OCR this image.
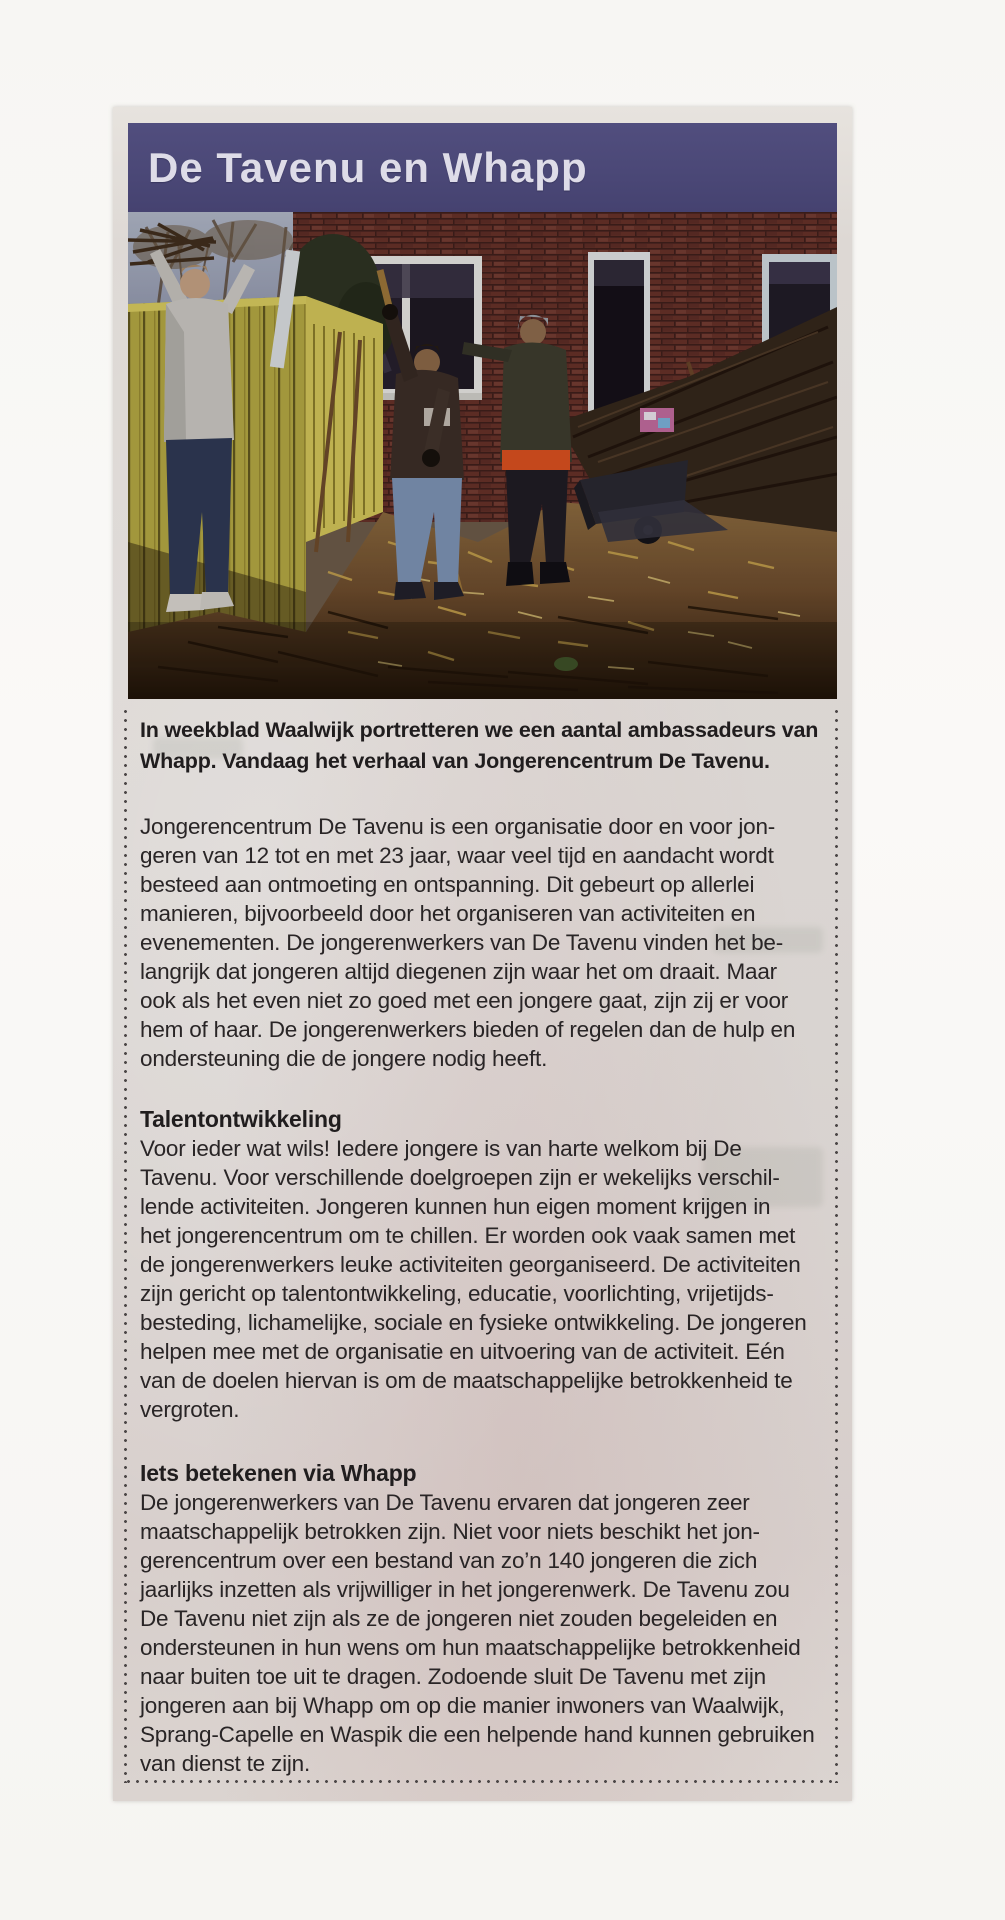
De Tavenu en Whapp
In weekblad Waalwijk portretteren we een aantal ambassadeurs van
Whapp. Vandaag het verhaal van Jongerencentrum De Tavenu.
Jongerencentrum De Tavenu is een organisatie door en voor jon-
geren van 12 tot en met 23 jaar, waar veel tijd en aandacht wordt
besteed aan ontmoeting en ontspanning. Dit gebeurt op allerlei
manieren, bijvoorbeeld door het organiseren van activiteiten en
evenementen. De jongerenwerkers van De Tavenu vinden het be-
langrijk dat jongeren altijd diegenen zijn waar het om draait. Maar
ook als het even niet zo goed met een jongere gaat, zijn zij er voor
hem of haar. De jongerenwerkers bieden of regelen dan de hulp en
ondersteuning die de jongere nodig heeft.
Talentontwikkeling
Voor ieder wat wils! Iedere jongere is van harte welkom bij De
Tavenu. Voor verschillende doelgroepen zijn er wekelijks verschil-
lende activiteiten. Jongeren kunnen hun eigen moment krijgen in
het jongerencentrum om te chillen. Er worden ook vaak samen met
de jongerenwerkers leuke activiteiten georganiseerd. De activiteiten
zijn gericht op talentontwikkeling, educatie, voorlichting, vrijetijds-
besteding, lichamelijke, sociale en fysieke ontwikkeling. De jongeren
helpen mee met de organisatie en uitvoering van de activiteit. Eén
van de doelen hiervan is om de maatschappelijke betrokkenheid te
vergroten.
Iets betekenen via Whapp
De jongerenwerkers van De Tavenu ervaren dat jongeren zeer
maatschappelijk betrokken zijn. Niet voor niets beschikt het jon-
gerencentrum over een bestand van zo’n 140 jongeren die zich
jaarlijks inzetten als vrijwilliger in het jongerenwerk. De Tavenu zou
De Tavenu niet zijn als ze de jongeren niet zouden begeleiden en
ondersteunen in hun wens om hun maatschappelijke betrokkenheid
naar buiten toe uit te dragen. Zodoende sluit De Tavenu met zijn
jongeren aan bij Whapp om op die manier inwoners van Waalwijk,
Sprang-Capelle en Waspik die een helpende hand kunnen gebruiken
van dienst te zijn.
